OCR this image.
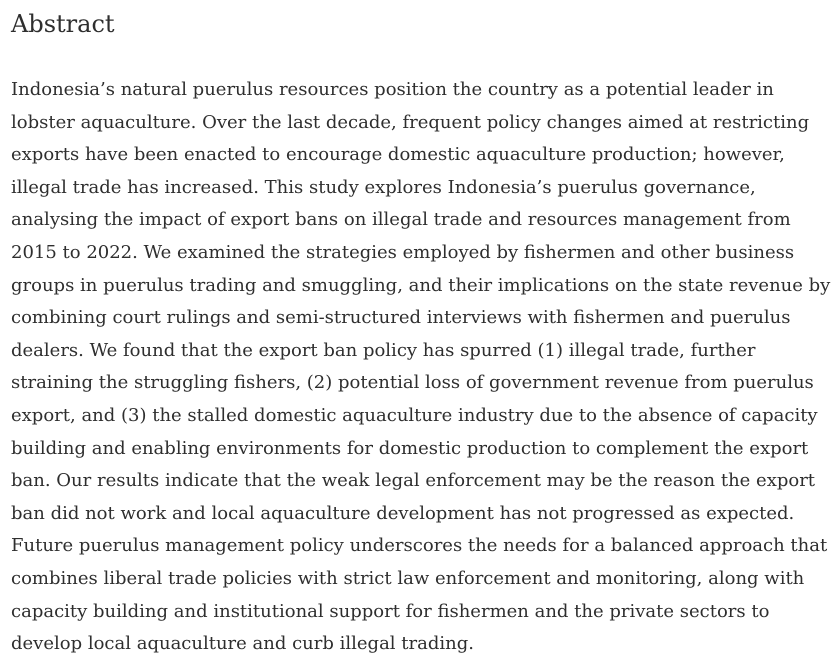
Abstract
Indonesia’s natural puerulus resources position the country as a potential leader in
lobster aquaculture. Over the last decade, frequent policy changes aimed at restricting
exports have been enacted to encourage domestic aquaculture production; however,
illegal trade has increased. This study explores Indonesia’s puerulus governance,
analysing the impact of export bans on illegal trade and resources management from
2015 to 2022. We examined the strategies employed by fishermen and other business
groups in puerulus trading and smuggling, and their implications on the state revenue by
combining court rulings and semi-structured interviews with fishermen and puerulus
dealers. We found that the export ban policy has spurred (1) illegal trade, further
straining the struggling fishers, (2) potential loss of government revenue from puerulus
export, and (3) the stalled domestic aquaculture industry due to the absence of capacity
building and enabling environments for domestic production to complement the export
ban. Our results indicate that the weak legal enforcement may be the reason the export
ban did not work and local aquaculture development has not progressed as expected.
Future puerulus management policy underscores the needs for a balanced approach that
combines liberal trade policies with strict law enforcement and monitoring, along with
capacity building and institutional support for fishermen and the private sectors to
develop local aquaculture and curb illegal trading.
